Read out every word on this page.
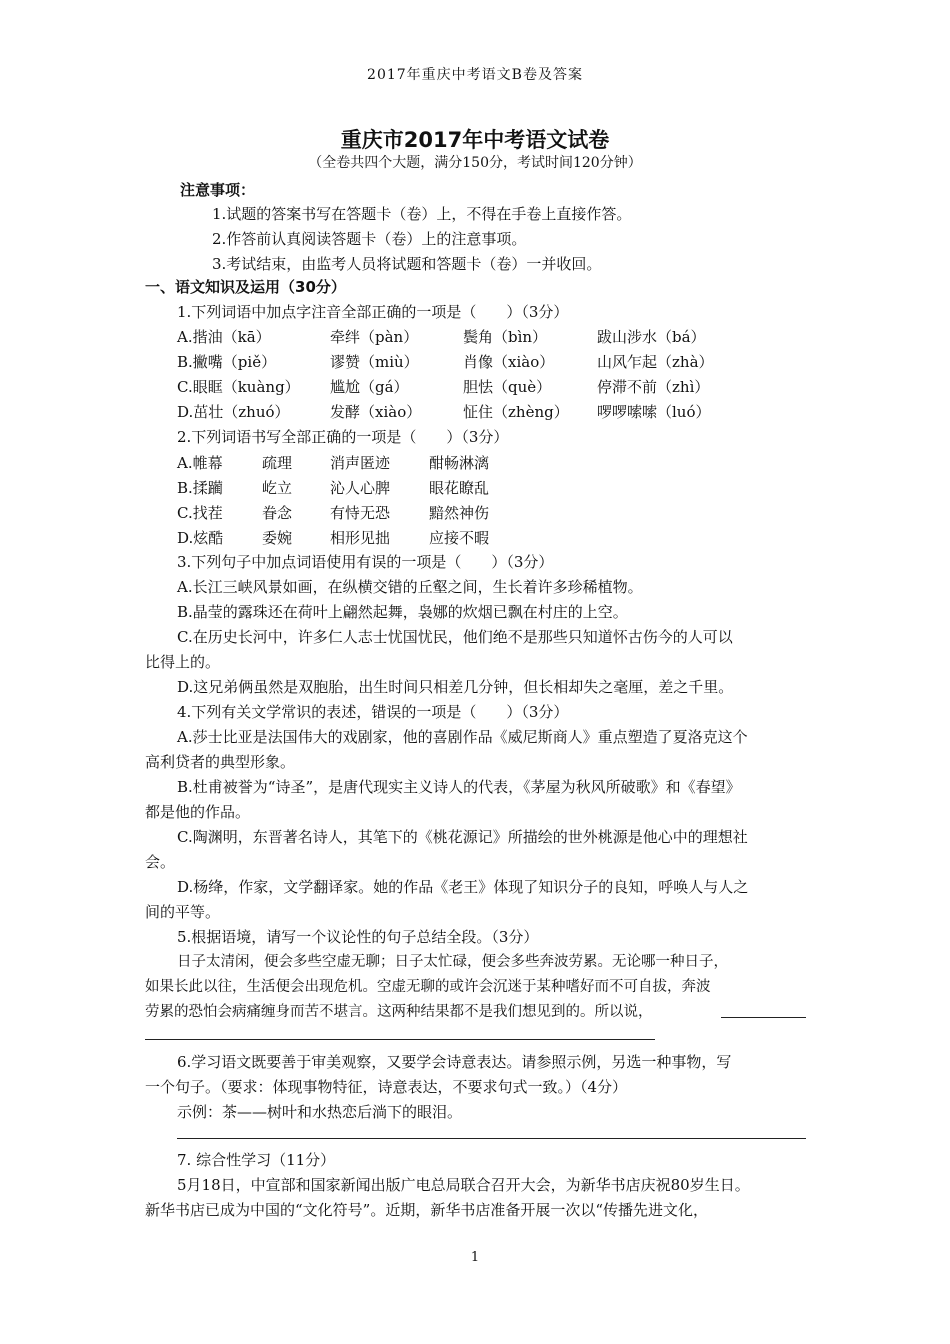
2017年重庆中考语文B卷及答案
重庆市2017年中考语文试卷
（全卷共四个大题，满分150分，考试时间120分钟）
注意事项：
1.试题的答案书写在答题卡（卷）上，不得在手卷上直接作答。
2.作答前认真阅读答题卡（卷）上的注意事项。
3.考试结束，由监考人员将试题和答题卡（卷）一并收回。
一、语文知识及运用（30分）
1.下列词语中加点字注音全部正确的一项是（　　）（3分）
A.揩油（kā）	牵绊（pàn）	鬓角（bìn）	跋山涉水（bá）
B.撇嘴（piě）	谬赞（miù）	肖像（xiào）	山风乍起（zhà）
C.眼眶（kuàng） 尴尬（gá）	胆怯（què）	停滞不前（zhì）
D.茁壮（zhuó）	发酵（xiào）	怔住（zhèng） 啰啰嗦嗦（luó）
2.下列词语书写全部正确的一项是（　　）（3分）
A.帷幕	疏理	消声匿迹	酣畅淋漓
B.揉躏	屹立	沁人心脾	眼花瞭乱
C.找茬	眷念	有恃无恐	黯然神伤
D.炫酷	委婉	相形见拙	应接不暇
3.下列句子中加点词语使用有误的一项是（　　）（3分）
A.长江三峡风景如画，在纵横交错的丘壑之间，生长着许多珍稀植物。
B.晶莹的露珠还在荷叶上翩然起舞，袅娜的炊烟已飘在村庄的上空。
C.在历史长河中，许多仁人志士忧国忧民，他们绝不是那些只知道怀古伤今的人可以
比得上的。
D.这兄弟俩虽然是双胞胎，出生时间只相差几分钟，但长相却失之毫厘，差之千里。
4.下列有关文学常识的表述，错误的一项是（　　）（3分）
A.莎士比亚是法国伟大的戏剧家，他的喜剧作品《威尼斯商人》重点塑造了夏洛克这个
高利贷者的典型形象。
B.杜甫被誉为“诗圣”，是唐代现实主义诗人的代表，《茅屋为秋风所破歌》和《春望》
都是他的作品。
C.陶渊明，东晋著名诗人，其笔下的《桃花源记》所描绘的世外桃源是他心中的理想社
会。
D.杨绛，作家，文学翻译家。她的作品《老王》体现了知识分子的良知，呼唤人与人之
间的平等。
5.根据语境，请写一个议论性的句子总结全段。（3分）
日子太清闲，便会多些空虚无聊；日子太忙碌，便会多些奔波劳累。无论哪一种日子，
如果长此以往，生活便会出现危机。空虚无聊的或许会沉迷于某种嗜好而不可自拔，奔波
劳累的恐怕会病痛缠身而苦不堪言。这两种结果都不是我们想见到的。所以说，
6.学习语文既要善于审美观察，又要学会诗意表达。请参照示例，另选一种事物，写
一个句子。（要求：体现事物特征，诗意表达，不要求句式一致。）（4分）
示例：茶——树叶和水热恋后淌下的眼泪。
7. 综合性学习（11分）
5月18日，中宣部和国家新闻出版广电总局联合召开大会，为新华书店庆祝80岁生日。
新华书店已成为中国的“文化符号”。近期，新华书店准备开展一次以“传播先进文化，
1
